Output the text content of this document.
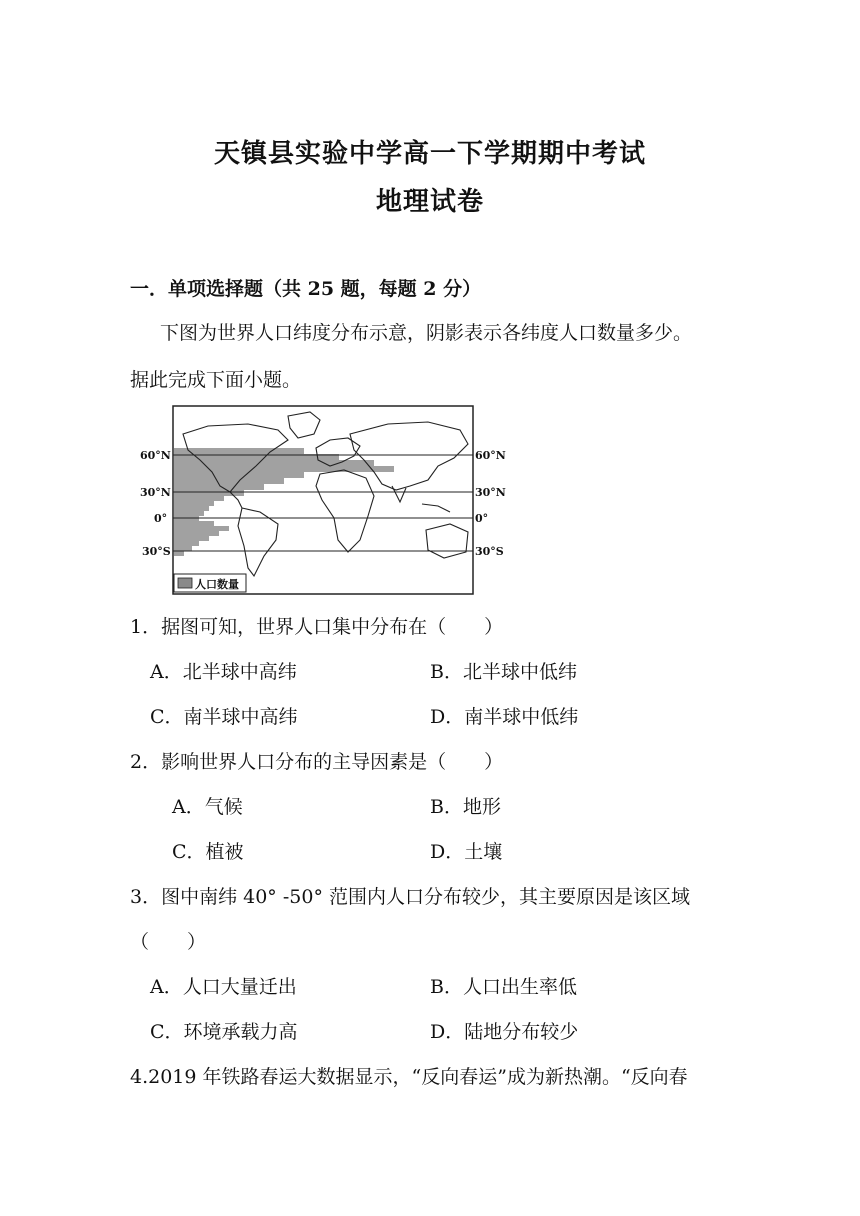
天镇县实验中学高一下学期期中考试
地理试卷
一．单项选择题（共 25 题，每题 2 分）
下图为世界人口纬度分布示意，阴影表示各纬度人口数量多少。
据此完成下面小题。
60°N
30°N
0°
30°S
60°N
30°N
0°
30°S
人口数量
1．据图可知，世界人口集中分布在（　　）
A．北半球中高纬	B．北半球中低纬
C．南半球中高纬	D．南半球中低纬
2．影响世界人口分布的主导因素是（　　）
A．气候	B．地形
C．植被	D．土壤
3．图中南纬 40° -50° 范围内人口分布较少，其主要原因是该区域
（　　）
A．人口大量迁出	B．人口出生率低
C．环境承载力高	D．陆地分布较少
4.2019 年铁路春运大数据显示，“反向春运”成为新热潮。“反向春
